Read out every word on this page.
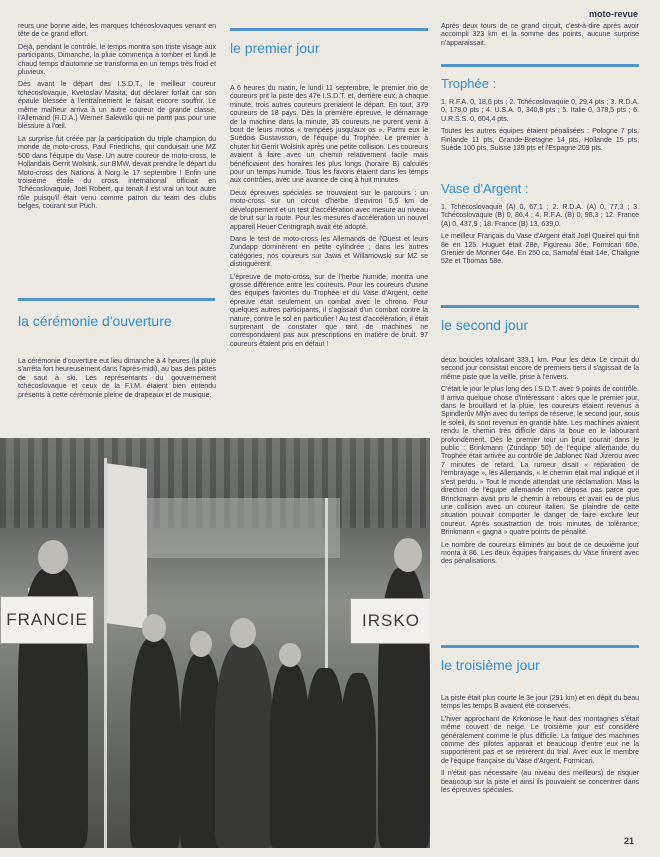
moto-revue

reurs une bonne aide, les marques tchécoslovaques venant en tête de ce grand effort.

Déjà, pendant le contrôle, le temps montra son triste visage aux participants. Dimanche, la pluie commença à tomber et lundi le chaud temps d'automne se transforma en un temps très froid et pluvieux.

Dès avant le départ des I.S.D.T., le meilleur coureur tchécoslovaque, Kvetoslav Masita, dut déclarer forfait car son épaule blessée à l'entraînement le faisait encore souffrir. Le même malheur arriva à un autre coureur de grande classe, l'Allemand (R.D.A.) Werner Salewski qui ne partit pas pour une blessure à l'œil.

La surprise fut créée par la participation du triple champion du monde de moto-cross, Paul Friedrichs, qui conduisait une MZ 500 dans l'équipe du Vase. Un autre coureur de moto-cross, le Hollandais Gerrit Wolsink, sur BMW, devait prendre le départ du Moto-cross des Nations à Norg le 17 septembre ! Enfin une troisième étoile du cross international officiait en Tchécoslovaquie, Joël Robert, qui tenait il est vrai un tout autre rôle puisqu'il était venu comme patron du team des clubs belges, courant sur Puch.

la cérémonie d'ouverture

La cérémonie d'ouverture eut lieu dimanche à 4 heures (la pluie s'arrêta fort heureusement dans l'après-midi), au bas des pistes de saut à ski. Les représentants du gouvernement tchécoslovaque et ceux de la F.I.M. étaient bien entendu présents à cette cérémonie pleine de drapeaux et de musique.

le premier jour

A 6 heures du matin, le lundi 11 septembre, le premier trio de coureurs prit la piste des 47e I.S.D.T. et, derrière eux, à chaque minute, trois autres coureurs prenaient le départ. En tout, 379 coureurs de 18 pays. Dès la première épreuve, le démarrage de la machine dans la minute, 35 coureurs ne purent venir à bout de leurs motos « trempées jusqu'aux os ». Parmi eux le Suédois Gustavsson, de l'équipe du Trophée. Le premier à chuter fut Gerrit Wolsink après une petite collision. Les coureurs avaient à faire avec un chemin relativement facile mais bénéficiaient des horaires les plus longs (horaire B) calculés pour un temps humide. Tous les favoris étaient dans les temps aux contrôles, avec une avance de cinq à huit minutes.

Deux épreuves spéciales se trouvaient sur le parcours : un moto-cross sur un circuit d'herbe d'environ 5,5 km de développement et un test d'accélération avec mesure au niveau de bruit sur la route. Pour les mesures d'accélération un nouvel appareil Heuer Centrigraph avait été adopté.

Dans le test de moto-cross les Allemands de l'Ouest et leurs Zundapp dominèrent en petite cylindrée ; dans les autres catégories, nos coureurs sur Jawa et Willamowski sur MZ se distinguèrent.

L'épreuve de moto-cross, sur de l'herbe humide, montra une grosse différence entre les coureurs. Pour les coureurs d'usine des équipes favorites du Trophée et du Vase d'Argent, cette épreuve était seulement un combat avec le chrono. Pour quelques autres participants, il s'agissait d'un combat contre la nature, contre le sol en particulier ! Au test d'accélération, il était surprenant de constater que tant de machines ne correspondaient pas aux prescriptions en matière de bruit. 97 coureurs étaient pris en défaut !

Après deux tours de ce grand circuit, c'est-à-dire après avoir accompli 323 km et la somme des points, aucune surprise n'apparaissait.

Trophée :

1. R.F.A. 0, 18,6 pts ; 2. Tchécoslovaquie 0, 29,4 pts ; 3. R.D.A. 0, 179,0 pts ; 4. U.S.A. 0, 340,8 pts ; 5. Italie 0, 378,5 pts ; 6. U.R.S.S. 0, 604,4 pts.

Toutes les autres équipes étaient pénalisées : Pologne 7 pts, Finlande 11 pts, Grande-Bretagne 14 pts, Hollande 15 pts, Suède 100 pts, Suisse 139 pts et l'Espagne 209 pts.

Vase d'Argent :

1. Tchécoslovaquie (A) 0, 67,1 ; 2. R.D.A. (A) 0, 77,3 ; 3. Tchécoslovaquie (B) 0, 86,4 ; 4. R.F.A. (B) 0, 98,3 ; 12. France (A) 0, 437,9 ; 18. France (B) 13, 639,0.

Le meilleur Français du Vase d'Argent était Joël Queirel qui finit 8e en 125. Huguet était 28e, Figureau 36e, Formicari 60e, Grenier de Monner 64e. En 250 cc, Samofal était 14e, Chaligne 52e et Thomas 58e.

le second jour

deux boucles totalisant 333,1 km. Pour les deux Le circuit du second jour consistait encore de premiers tiers il s'agissait de la même piste que la veille, prise à l'envers.

C'était le jour le plus long des I.S.D.T. avec 9 points de contrôle. Il arriva quelque chose d'intéressant : alors que le premier jour, dans le brouillard et la pluie, les coureurs étaient revenus à Spindlerův Mlýn avec du temps de réserve, le second jour, sous le soleil, ils sont revenus en grande hâte. Les machines avaient rendu le chemin très difficile dans la boue en le labourant profondément. Dès le premier tour un bruit courait dans le public : Brinkmann (Zundapp 50) de l'équipe allemande du Trophée était arrivée au contrôle de Jablonec Nad Jizerou avec 7 minutes de retard. La rumeur disait « réparation de l'embrayage », les Allemands, « le chemin était mal indiqué et il s'est perdu. » Tout le monde attendait une réclamation. Mais la direction de l'équipe allemande n'en déposa pas parce que Brinckmann avait pris le chemin à rebours et avait eu de plus une collision avec un coureur italien. Se plaindre de cette situation pouvait comporter le danger de faire exclure leur coureur. Après soustraction de trois minutes de tolérance, Brinkmann « gagna » quatre points de pénalité.

Le nombre de coureurs éliminés au bout de ce deuxième jour monta à 86. Les deux équipes françaises du Vase finirent avec des pénalisations.

le troisième jour

La piste était plus courte le 3e jour (291 km) et en dépit du beau temps les temps B avaient été conservés.

L'hiver approchant de Krkonose le haut des montagnes s'était même couvert de neige. Le troisième jour est considéré généralement comme le plus difficile. La fatigue des machines comme des pilotes apparait et beaucoup d'entre eux ne la supportèrent pas et se retirèrent du trial. Avec eux le membre de l'équipe française du Vase d'Argent, Formicari.

Il n'était pas nécessaire (au niveau des meilleurs) de risquer beaucoup sur la piste et ainsi ils pouvaient se concentrer dans les épreuves spéciales.

FRANCIE	IRSKO
21
